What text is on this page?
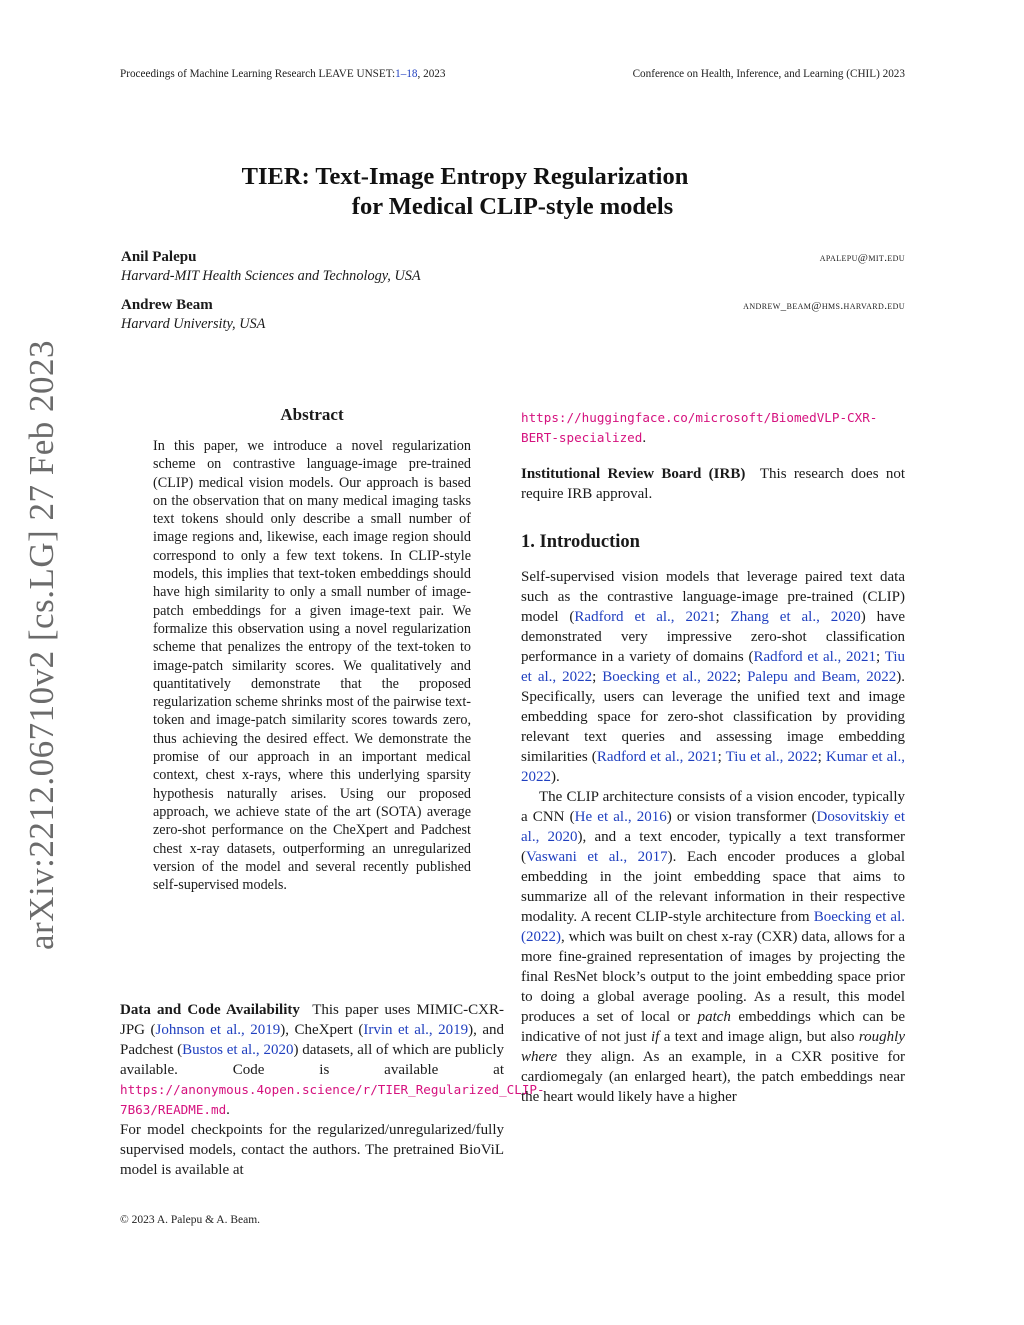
Proceedings of Machine Learning Research LEAVE UNSET:1–18, 2023	Conference on Health, Inference, and Learning (CHIL) 2023
arXiv:2212.06710v2 [cs.LG] 27 Feb 2023
TIER: Text-Image Entropy Regularization
for Medical CLIP-style models
Anil Palepu	apalepu@mit.edu
Harvard-MIT Health Sciences and Technology, USA
Andrew Beam	andrew_beam@hms.harvard.edu
Harvard University, USA
Abstract

In this paper, we introduce a novel regularization scheme on contrastive language-image pre-trained (CLIP) medical vision models. Our approach is based on the observation that on many medical imaging tasks text tokens should only describe a small number of image regions and, likewise, each image region should correspond to only a few text tokens. In CLIP-style models, this implies that text-token embeddings should have high similarity to only a small number of image-patch embeddings for a given image-text pair. We formalize this observation using a novel regularization scheme that penalizes the entropy of the text-token to image-patch similarity scores. We qualitatively and quantitatively demonstrate that the proposed regularization scheme shrinks most of the pairwise text-token and image-patch similarity scores towards zero, thus achieving the desired effect. We demonstrate the promise of our approach in an important medical context, chest x-rays, where this underlying sparsity hypothesis naturally arises. Using our proposed approach, we achieve state of the art (SOTA) average zero-shot performance on the CheXpert and Padchest chest x-ray datasets, outperforming an unregularized version of the model and several recently published self-supervised models.

Data and Code Availability This paper uses MIMIC-CXR-JPG (Johnson et al., 2019), CheXpert (Irvin et al., 2019), and Padchest (Bustos et al., 2020) datasets, all of which are publicly available. Code is available at https://anonymous.4open.science/r/TIER_Regularized_CLIP-7B63/README.md.

For model checkpoints for the regularized/unregularized/fully supervised models, contact the authors. The pretrained BioViL model is available at

https://huggingface.co/microsoft/BiomedVLP-CXR-BERT-specialized.

Institutional Review Board (IRB) This research does not require IRB approval.

1. Introduction

Self-supervised vision models that leverage paired text data such as the contrastive language-image pre-trained (CLIP) model (Radford et al., 2021; Zhang et al., 2020) have demonstrated very impressive zero-shot classification performance in a variety of domains (Radford et al., 2021; Tiu et al., 2022; Boecking et al., 2022; Palepu and Beam, 2022). Specifically, users can leverage the unified text and image embedding space for zero-shot classification by providing relevant text queries and assessing image embedding similarities (Radford et al., 2021; Tiu et al., 2022; Kumar et al., 2022).

The CLIP architecture consists of a vision encoder, typically a CNN (He et al., 2016) or vision transformer (Dosovitskiy et al., 2020), and a text encoder, typically a text transformer (Vaswani et al., 2017). Each encoder produces a global embedding in the joint embedding space that aims to summarize all of the relevant information in their respective modality. A recent CLIP-style architecture from Boecking et al. (2022), which was built on chest x-ray (CXR) data, allows for a more fine-grained representation of images by projecting the final ResNet block’s output to the joint embedding space prior to doing a global average pooling. As a result, this model produces a set of local or patch embeddings which can be indicative of not just if a text and image align, but also roughly where they align. As an example, in a CXR positive for cardiomegaly (an enlarged heart), the patch embeddings near the heart would likely have a higher

© 2023 A. Palepu & A. Beam.
